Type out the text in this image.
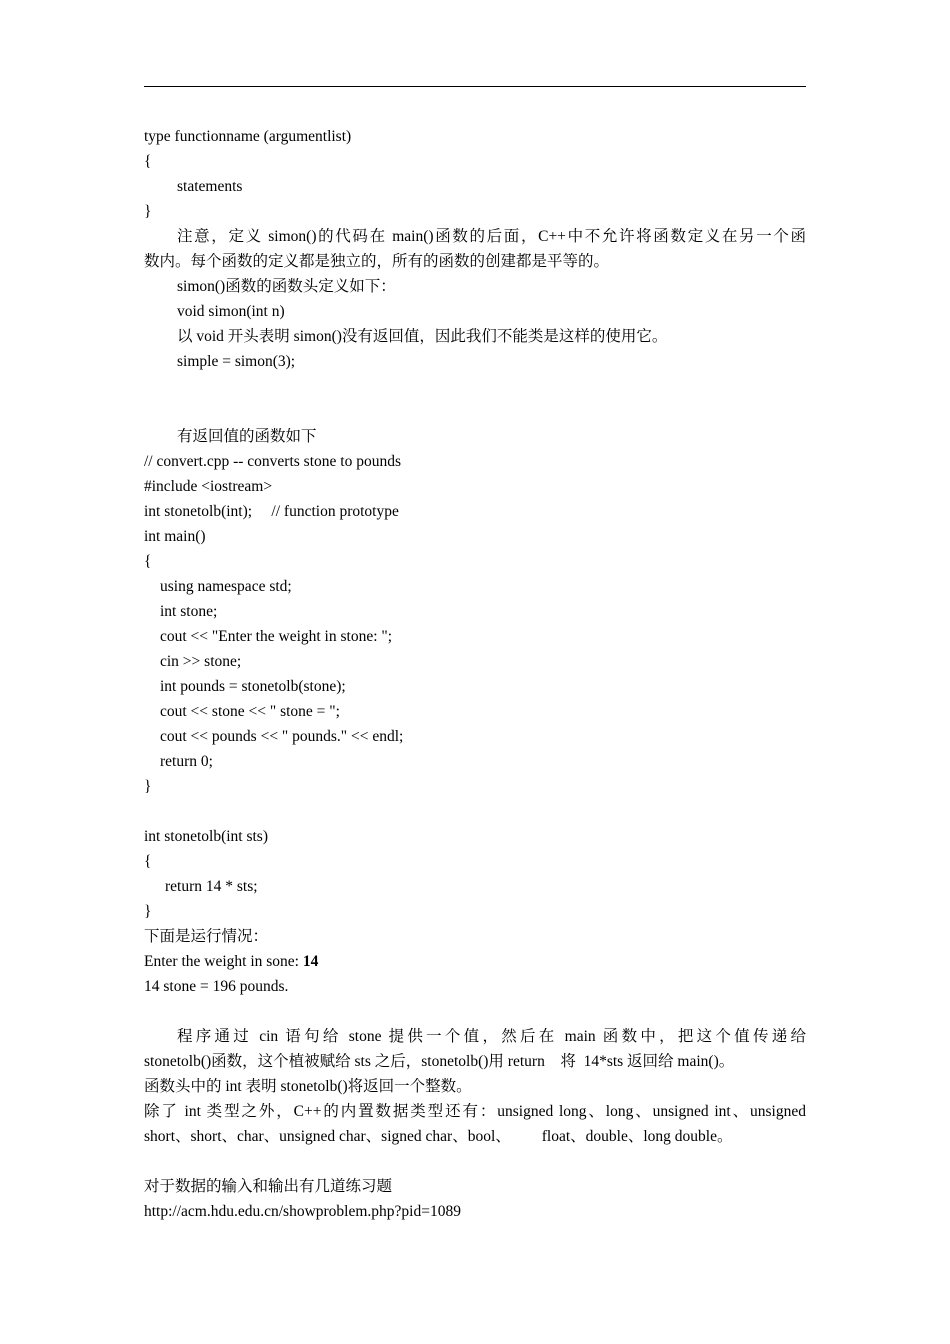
type functionname (argumentlist)
{
statements
}
注意，定义 simon()的代码在 main()函数的后面，C++中不允许将函数定义在另一个函
数内。每个函数的定义都是独立的，所有的函数的创建都是平等的。
simon()函数的函数头定义如下：
void simon(int n)
以 void 开头表明 simon()没有返回值，因此我们不能类是这样的使用它。
simple = simon(3);
有返回值的函数如下
// convert.cpp -- converts stone to pounds
#include <iostream>
int stonetolb(int);     // function prototype
int main()
{
using namespace std;
int stone;
cout << "Enter the weight in stone: ";
cin >> stone;
int pounds = stonetolb(stone);
cout << stone << " stone = ";
cout << pounds << " pounds." << endl;
return 0;
}
int stonetolb(int sts)
{
return 14 * sts;
}
下面是运行情况：
Enter the weight in sone: 14
14 stone = 196 pounds.
程序通过 cin 语句给 stone 提供一个值，然后在 main 函数中，把这个值传递给
stonetolb()函数，这个植被赋给 sts 之后，stonetolb()用 return    将  14*sts 返回给 main()。
函数头中的 int 表明 stonetolb()将返回一个整数。
除了 int 类型之外，C++的内置数据类型还有：unsigned long、long、unsigned int、unsigned
short、short、char、unsigned char、signed char、bool、        float、double、long double。
对于数据的输入和输出有几道练习题
http://acm.hdu.edu.cn/showproblem.php?pid=1089
